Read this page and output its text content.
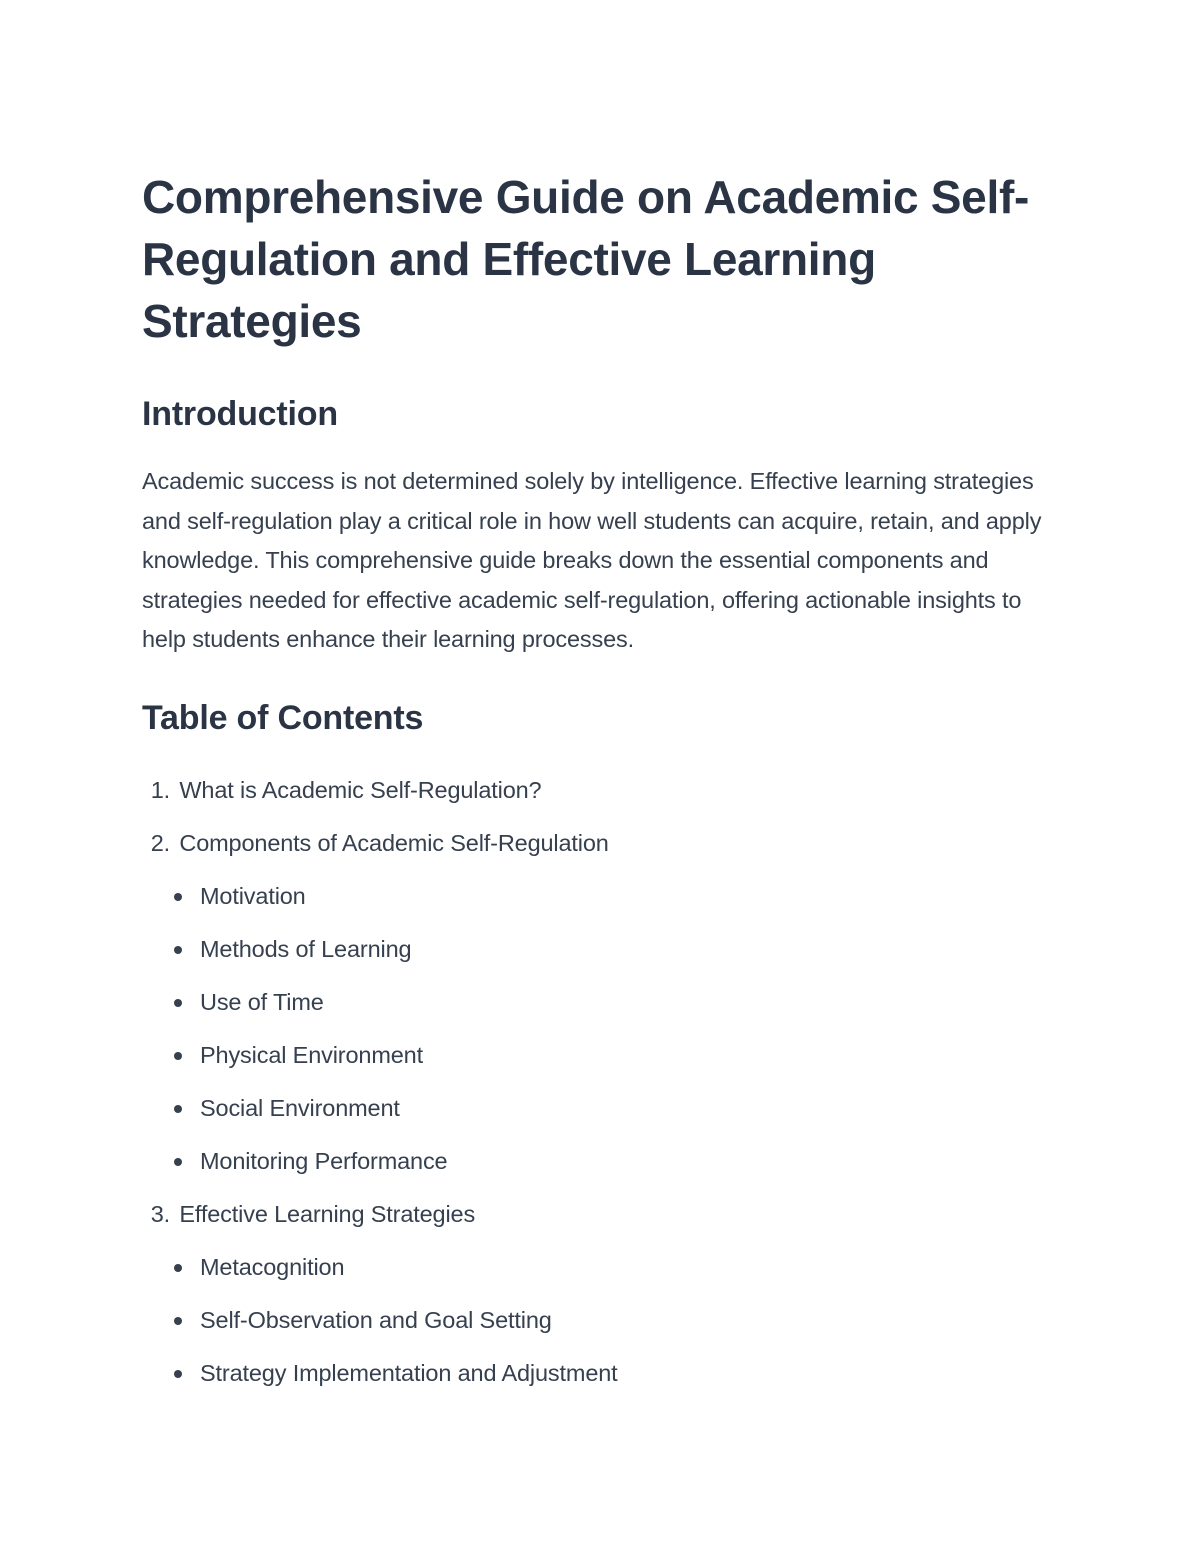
Comprehensive Guide on Academic Self-Regulation and Effective Learning Strategies
Introduction

Academic success is not determined solely by intelligence. Effective learning strategies and self-regulation play a critical role in how well students can acquire, retain, and apply knowledge. This comprehensive guide breaks down the essential components and strategies needed for effective academic self-regulation, offering actionable insights to help students enhance their learning processes.

Table of Contents
1. What is Academic Self-Regulation?
2. Components of Academic Self-Regulation
Motivation
Methods of Learning
Use of Time
Physical Environment
Social Environment
Monitoring Performance
3. Effective Learning Strategies
Metacognition
Self-Observation and Goal Setting
Strategy Implementation and Adjustment
